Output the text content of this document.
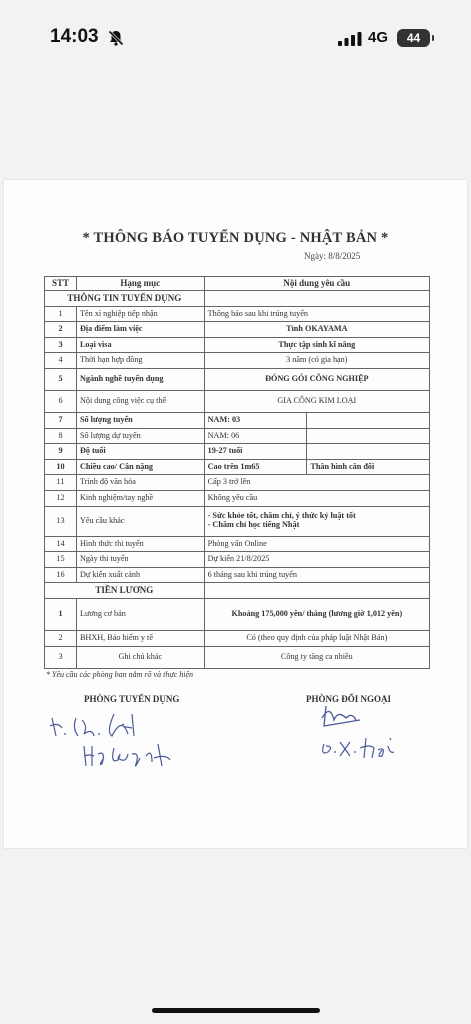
14:03	4G	44
* THÔNG BÁO TUYỂN DỤNG - NHẬT BẢN *
Ngày: 8/8/2025
STT	Hạng mục	Nội dung yêu cầu	
THÔNG TIN TUYỂN DỤNG			
1	Tên xí nghiệp tiếp nhận	Thông báo sau khi trúng tuyển	
2	Địa điểm làm việc	Tỉnh OKAYAMA	
3	Loại visa	Thực tập sinh kĩ năng	
4	Thời hạn hợp đồng	3 năm (có gia hạn)	
5	Ngành nghề tuyển dụng	ĐÓNG GÓI CÔNG NGHIỆP	
6	Nội dung công việc cụ thể	GIA CÔNG KIM LOẠI	
7	Số lượng tuyển	NAM: 03	
8	Số lượng dự tuyển	NAM: 06	
9	Độ tuổi	19-27 tuổi	
10	Chiều cao/ Cân nặng	Cao trên 1m65	Thân hình cân đối
11	Trình độ văn hóa	Cấp 3 trở lên	
12	Kinh nghiệm/tay nghề	Không yêu cầu	
13	Yêu cầu khác	- Sức khỏe tốt, chăm chỉ, ý thức kỷ luật tốt
- Chăm chỉ học tiếng Nhật	

14	Hình thức thi tuyển	Phỏng vấn Online	
15	Ngày thi tuyển	Dự kiến 21/8/2025	
16	Dự kiến xuất cảnh	6 tháng sau khi trúng tuyển	
TIỀN LƯƠNG			
1	Lương cơ bản	Khoảng 175,000 yên/ tháng (lương giờ 1,012 yên)	
2	BHXH, Bảo hiểm y tế	Có (theo quy định của pháp luật Nhật Bản)	
3	Ghi chú khác	Công ty tăng ca nhiều	
* Yêu cầu các phòng ban nắm rõ và thực hiện
PHÒNG TUYỂN DỤNG	PHÒNG ĐỐI NGOẠI
